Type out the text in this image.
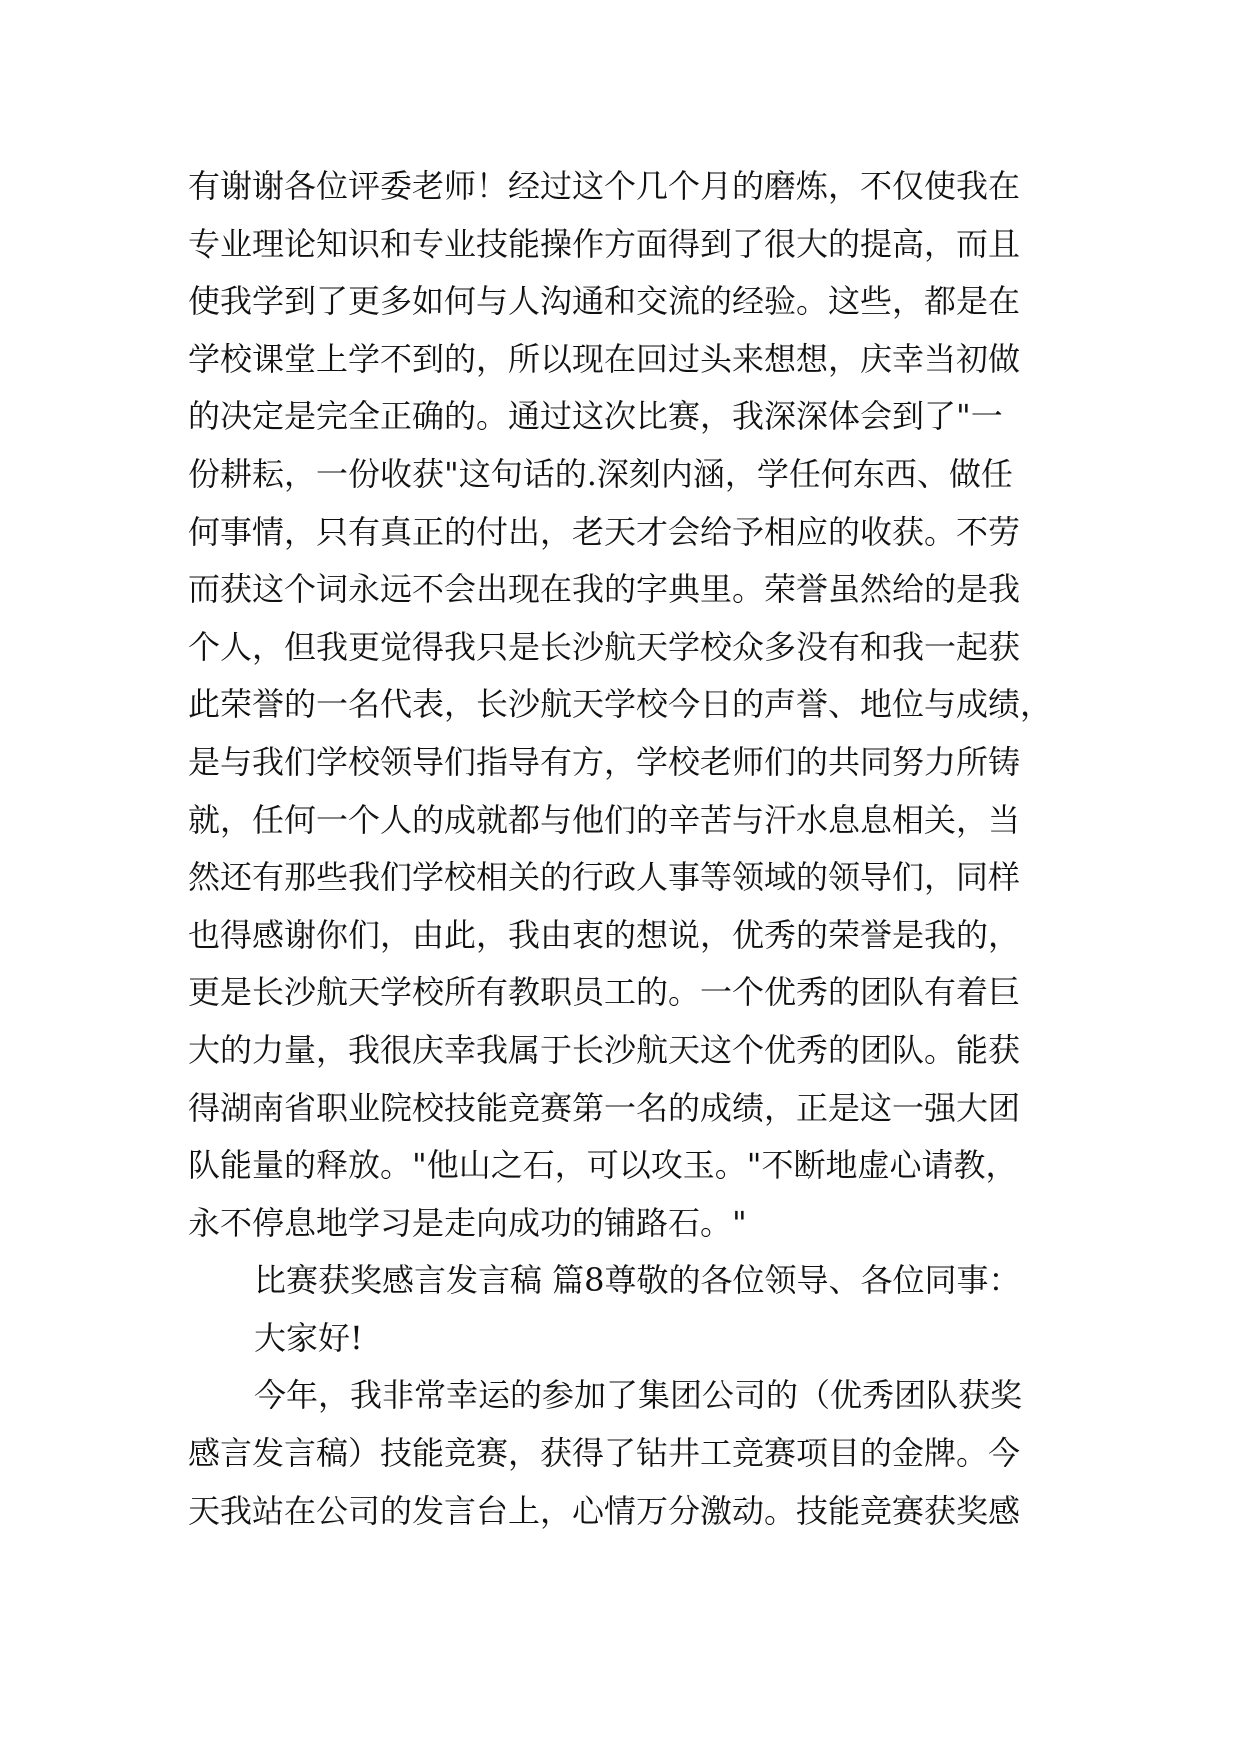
有谢谢各位评委老师！经过这个几个月的磨炼，不仅使我在
专业理论知识和专业技能操作方面得到了很大的提高，而且
使我学到了更多如何与人沟通和交流的经验。这些，都是在
学校课堂上学不到的，所以现在回过头来想想，庆幸当初做
的决定是完全正确的。通过这次比赛，我深深体会到了"一
份耕耘，一份收获"这句话的.深刻内涵，学任何东西、做任
何事情，只有真正的付出，老天才会给予相应的收获。不劳
而获这个词永远不会出现在我的字典里。荣誉虽然给的是我
个人，但我更觉得我只是长沙航天学校众多没有和我一起获
此荣誉的一名代表，长沙航天学校今日的声誉、地位与成绩，
是与我们学校领导们指导有方，学校老师们的共同努力所铸
就，任何一个人的成就都与他们的辛苦与汗水息息相关，当
然还有那些我们学校相关的行政人事等领域的领导们，同样
也得感谢你们，由此，我由衷的想说，优秀的荣誉是我的，
更是长沙航天学校所有教职员工的。一个优秀的团队有着巨
大的力量，我很庆幸我属于长沙航天这个优秀的团队。能获
得湖南省职业院校技能竞赛第一名的成绩，正是这一强大团
队能量的释放。"他山之石，可以攻玉。"不断地虚心请教，
永不停息地学习是走向成功的铺路石。"
比赛获奖感言发言稿 篇8尊敬的各位领导、各位同事：
大家好!
今年，我非常幸运的参加了集团公司的（优秀团队获奖
感言发言稿）技能竞赛，获得了钻井工竞赛项目的金牌。今
天我站在公司的发言台上，心情万分激动。技能竞赛获奖感
